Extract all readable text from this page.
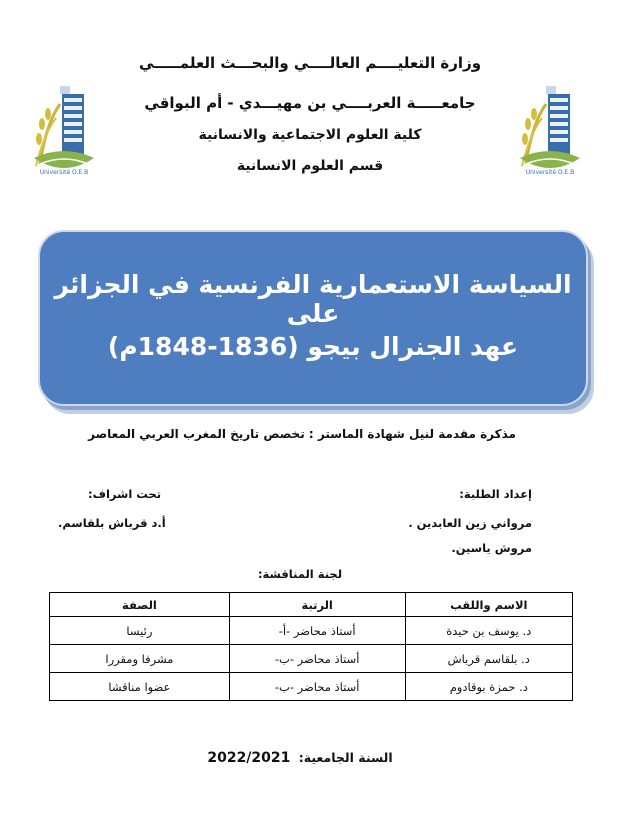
وزارة التعليــــم العالــــي والبحـــث العلمـــــي
جامعـــــة العربــــي بن مهيـــدي - أم البواقي
كلية العلوم الاجتماعية والانسانية
قسم العلوم الانسانية
Université O.E.B	Université O.E.B
السياسة الاستعمارية الفرنسية في الجزائر على
عهد الجنرال بيجو (1836-1848م)
مذكرة مقدمة لنيل شهادة الماستر : تخصص تاريخ المغرب العربي المعاصر
إعداد الطلبة:
تحت اشراف:
مرواني زين العابدين .
أ.د قرباش بلقاسم.
مروش ياسين.
لجنة المناقشة:
الاسم واللقب	الرتبة	الصفة
د. يوسف بن حيدة	أستاذ محاضر -أ-	رئيسا
د. بلقاسم قرباش	أستاذ محاضر -ب-	مشرفا ومقررا
د. حمزة بوقادوم	أستاذ محاضر -ب-	عضوا مناقشا
السنة الجامعية: 2022/2021
